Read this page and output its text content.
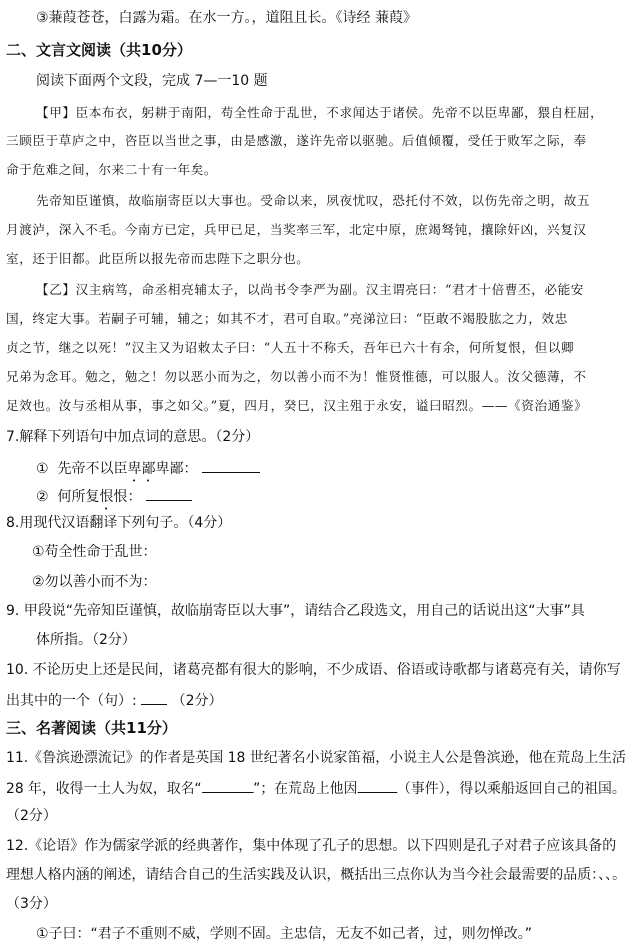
③蒹葭苍苍，白露为霜。在水一方。，道阻且长。《诗经 蒹葭》
二、文言文阅读（共10分）
阅读下面两个文段，完成 7—一10 题
【甲】臣本布衣，躬耕于南阳，苟全性命于乱世，不求闻达于诸侯。先帝不以臣卑鄙，猥自枉屈，
三顾臣于草庐之中，咨臣以当世之事，由是感激，遂许先帝以驱驰。后值倾覆，受任于败军之际，奉
命于危难之间，尔来二十有一年矣。
先帝知臣谨慎，故临崩寄臣以大事也。受命以来，夙夜忧叹，恐托付不效，以伤先帝之明，故五
月渡泸，深入不毛。今南方已定，兵甲已足，当奖率三军，北定中原，庶竭驽钝，攘除奸凶，兴复汉
室，还于旧都。此臣所以报先帝而忠陛下之职分也。
【乙】汉主病笃，命丞相亮辅太子，以尚书令李严为副。汉主谓亮曰：“君才十倍曹丕，必能安
国，终定大事。若嗣子可辅，辅之；如其不才，君可自取。”亮涕泣曰：“臣敢不竭股肱之力，效忠
贞之节，继之以死！”汉主又为诏敕太子曰：“人五十不称夭，吾年已六十有余，何所复恨，但以卿
兄弟为念耳。勉之，勉之！勿以恶小而为之，勿以善小而不为！惟贤惟德，可以服人。汝父德薄，不
足效也。汝与丞相从事，事之如父。”夏，四月，癸巳，汉主殂于永安，谥曰昭烈。——《资治通鉴》
7.解释下列语句中加点词的意思。（2分）
① 先帝不以臣卑鄙卑鄙：
② 何所复恨恨：
8.用现代汉语翻译下列句子。（4分）
①苟全性命于乱世：
②勿以善小而不为：
9. 甲段说“先帝知臣谨慎，故临崩寄臣以大事”，请结合乙段选文，用自己的话说出这“大事”具
体所指。（2分）
10. 不论历史上还是民间，诸葛亮都有很大的影响，不少成语、俗语或诗歌都与诸葛亮有关，请你写
出其中的一个（句）: （2分）
三、名著阅读（共11分）
11.《鲁滨逊漂流记》的作者是英国 18 世纪著名小说家笛福，小说主人公是鲁滨逊，他在荒岛上生活
28 年，收得一土人为奴，取名“	”；在荒岛上他因	（事件），得以乘船返回自己的祖国。
（2分）
12.《论语》作为儒家学派的经典著作，集中体现了孔子的思想。以下四则是孔子对君子应该具备的
理想人格内涵的阐述，请结合自己的生活实践及认识，概括出三点你认为当今社会最需要的品质：、、。
（3分）
①子曰：“君子不重则不威，学则不固。主忠信，无友不如己者，过，则勿惮改。”
